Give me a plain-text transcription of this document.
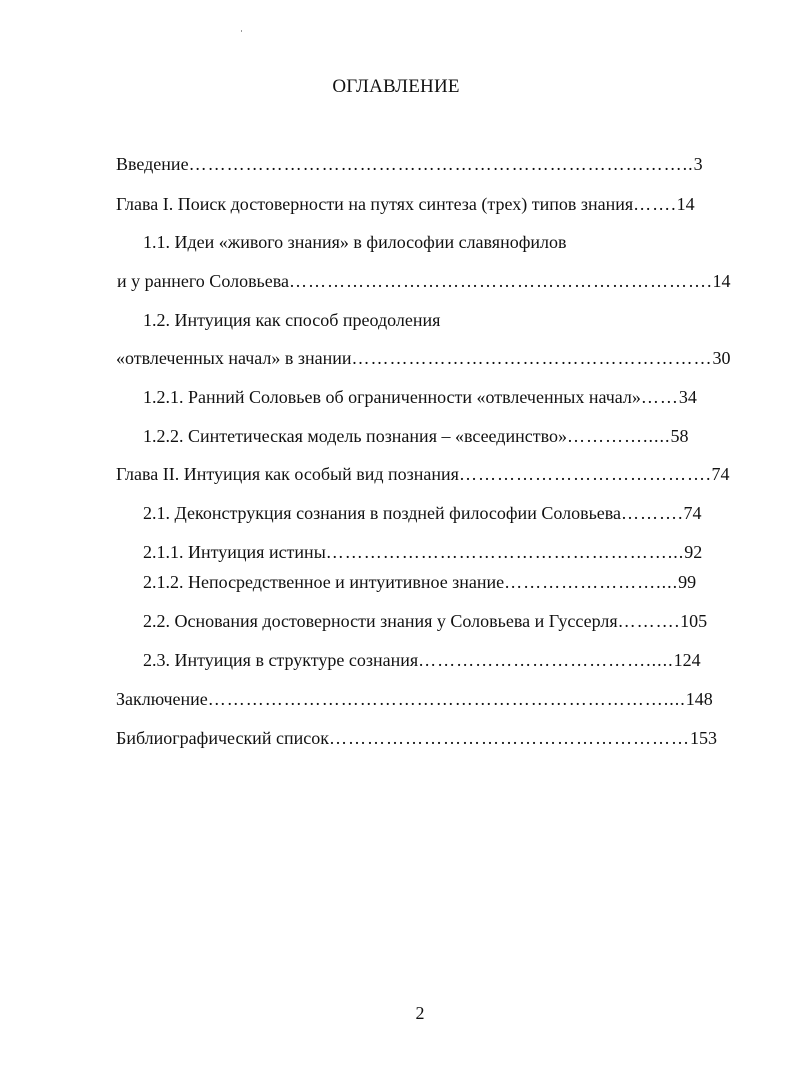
ОГЛАВЛЕНИЕ
Введение……………………………………………………………………..3
Глава I. Поиск достоверности на путях синтеза (трех) типов знания…….14
1.1. Идеи «живого знания» в философии славянофилов
и у раннего Соловьева………………………………………………………….14
1.2. Интуиция как способ преодоления
«отвлеченных начал» в знании…………………………………………………30
1.2.1. Ранний Соловьев об ограниченности «отвлеченных начал»……34
1.2.2. Синтетическая модель познания – «всеединство»………….....58
Глава II. Интуиция как особый вид познания………………………………….74
2.1. Деконструкция сознания в поздней философии Соловьева……….74
2.1.1. Интуиция истины………………………………………………...92
2.1.2. Непосредственное и интуитивное знание……………………....99
2.2. Основания достоверности знания у Соловьева и Гуссерля……….105
2.3. Интуиция в структуре сознания……………………………….....124
Заключение………………………………………………………………....148
Библиографический список…………………………………………………153
2
